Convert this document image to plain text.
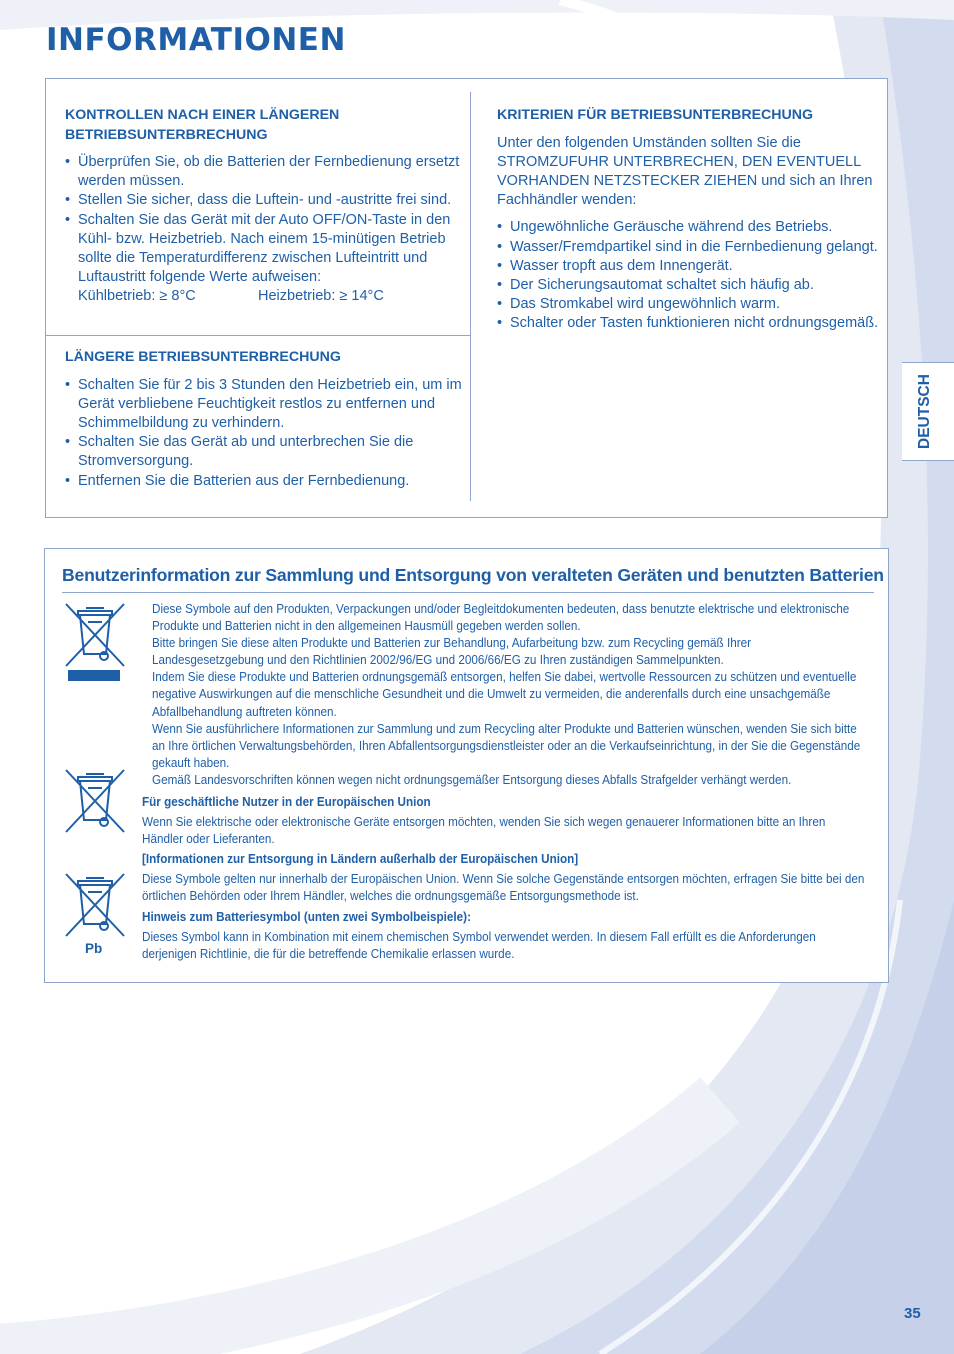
INFORMATIONEN
KONTROLLEN NACH EINER LÄNGEREN
BETRIEBSUNTERBRECHUNG
• Überprüfen Sie, ob die Batterien der Fernbedienung ersetzt werden müssen.
• Stellen Sie sicher, dass die Luftein- und -austritte frei sind.
• Schalten Sie das Gerät mit der Auto OFF/ON-Taste in den Kühl- bzw. Heizbetrieb. Nach einem 15-minütigen Betrieb sollte die Temperaturdifferenz zwischen Lufteintritt und Luftaustritt folgende Werte aufweisen:
Kühlbetrieb: ≥ 8°C	Heizbetrieb: ≥ 14°C
LÄNGERE BETRIEBSUNTERBRECHUNG
• Schalten Sie für 2 bis 3 Stunden den Heizbetrieb ein, um im Gerät verbliebene Feuchtigkeit restlos zu entfernen und Schimmelbildung zu verhindern.
• Schalten Sie das Gerät ab und unterbrechen Sie die Stromversorgung.
• Entfernen Sie die Batterien aus der Fernbedienung.
KRITERIEN FÜR BETRIEBSUNTERBRECHUNG
Unter den folgenden Umständen sollten Sie die STROMZUFUHR UNTERBRECHEN, DEN EVENTUELL VORHANDEN NETZSTECKER ZIEHEN und sich an Ihren Fachhändler wenden:
• Ungewöhnliche Geräusche während des Betriebs.
• Wasser/Fremdpartikel sind in die Fernbedienung gelangt.
• Wasser tropft aus dem Innengerät.
• Der Sicherungsautomat schaltet sich häufig ab.
• Das Stromkabel wird ungewöhnlich warm.
• Schalter oder Tasten funktionieren nicht ordnungsgemäß.
DEUTSCH
Benutzerinformation zur Sammlung und Entsorgung von veralteten Geräten und benutzten Batterien
Pb

Diese Symbole auf den Produkten, Verpackungen und/oder Begleitdokumenten bedeuten, dass benutzte elektrische und elektronische Produkte und Batterien nicht in den allgemeinen Hausmüll gegeben werden sollen.

Bitte bringen Sie diese alten Produkte und Batterien zur Behandlung, Aufarbeitung bzw. zum Recycling gemäß Ihrer Landesgesetzgebung und den Richtlinien 2002/96/EG und 2006/66/EG zu Ihren zuständigen Sammelpunkten.

Indem Sie diese Produkte und Batterien ordnungsgemäß entsorgen, helfen Sie dabei, wertvolle Ressourcen zu schützen und eventuelle negative Auswirkungen auf die menschliche Gesundheit und die Umwelt zu vermeiden, die anderenfalls durch eine unsachgemäße Abfallbehandlung auftreten können.

Wenn Sie ausführlichere Informationen zur Sammlung und zum Recycling alter Produkte und Batterien wünschen, wenden Sie sich bitte an Ihre örtlichen Verwaltungsbehörden, Ihren Abfallentsorgungsdienstleister oder an die Verkaufseinrichtung, in der Sie die Gegenstände gekauft haben.

Gemäß Landesvorschriften können wegen nicht ordnungsgemäßer Entsorgung dieses Abfalls Strafgelder verhängt werden.

Für geschäftliche Nutzer in der Europäischen Union

Wenn Sie elektrische oder elektronische Geräte entsorgen möchten, wenden Sie sich wegen genauerer Informationen bitte an Ihren Händler oder Lieferanten.

[Informationen zur Entsorgung in Ländern außerhalb der Europäischen Union]

Diese Symbole gelten nur innerhalb der Europäischen Union. Wenn Sie solche Gegenstände entsorgen möchten, erfragen Sie bitte bei den örtlichen Behörden oder Ihrem Händler, welches die ordnungsgemäße Entsorgungsmethode ist.

Hinweis zum Batteriesymbol (unten zwei Symbolbeispiele):

Dieses Symbol kann in Kombination mit einem chemischen Symbol verwendet werden. In diesem Fall erfüllt es die Anforderungen derjenigen Richtlinie, die für die betreffende Chemikalie erlassen wurde.

35
